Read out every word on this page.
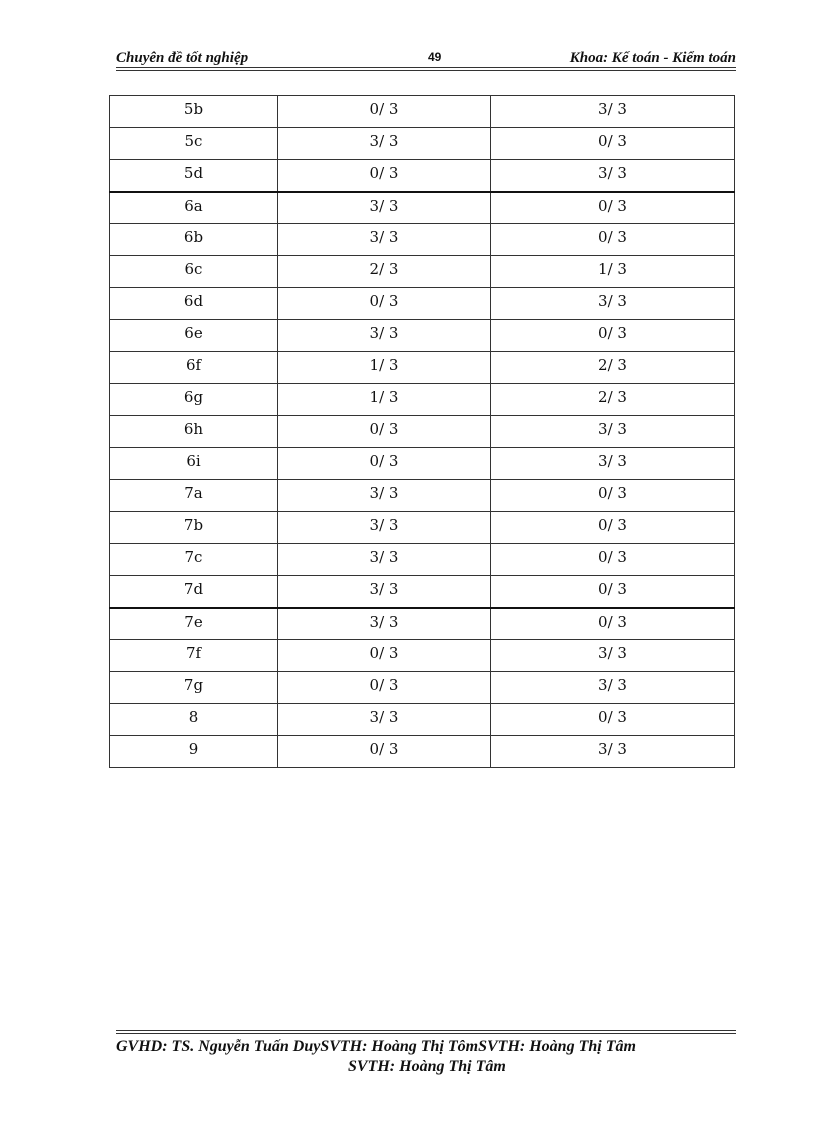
Chuyên đề tốt nghiệp	49	Khoa: Kế toán - Kiểm toán
5b	0/ 3	3/ 3
5c	3/ 3	0/ 3
5d	0/ 3	3/ 3
6a	3/ 3	0/ 3
6b	3/ 3	0/ 3
6c	2/ 3	1/ 3
6d	0/ 3	3/ 3
6e	3/ 3	0/ 3
6f	1/ 3	2/ 3
6g	1/ 3	2/ 3
6h	0/ 3	3/ 3
6i	0/ 3	3/ 3
7a	3/ 3	0/ 3
7b	3/ 3	0/ 3
7c	3/ 3	0/ 3
7d	3/ 3	0/ 3
7e	3/ 3	0/ 3
7f	0/ 3	3/ 3
7g	0/ 3	3/ 3
8	3/ 3	0/ 3
9	0/ 3	3/ 3
GVHD: TS. Nguyễn Tuấn DuySVTH: Hoàng Thị TômSVTH: Hoàng Thị Tâm
SVTH: Hoàng Thị Tâm
